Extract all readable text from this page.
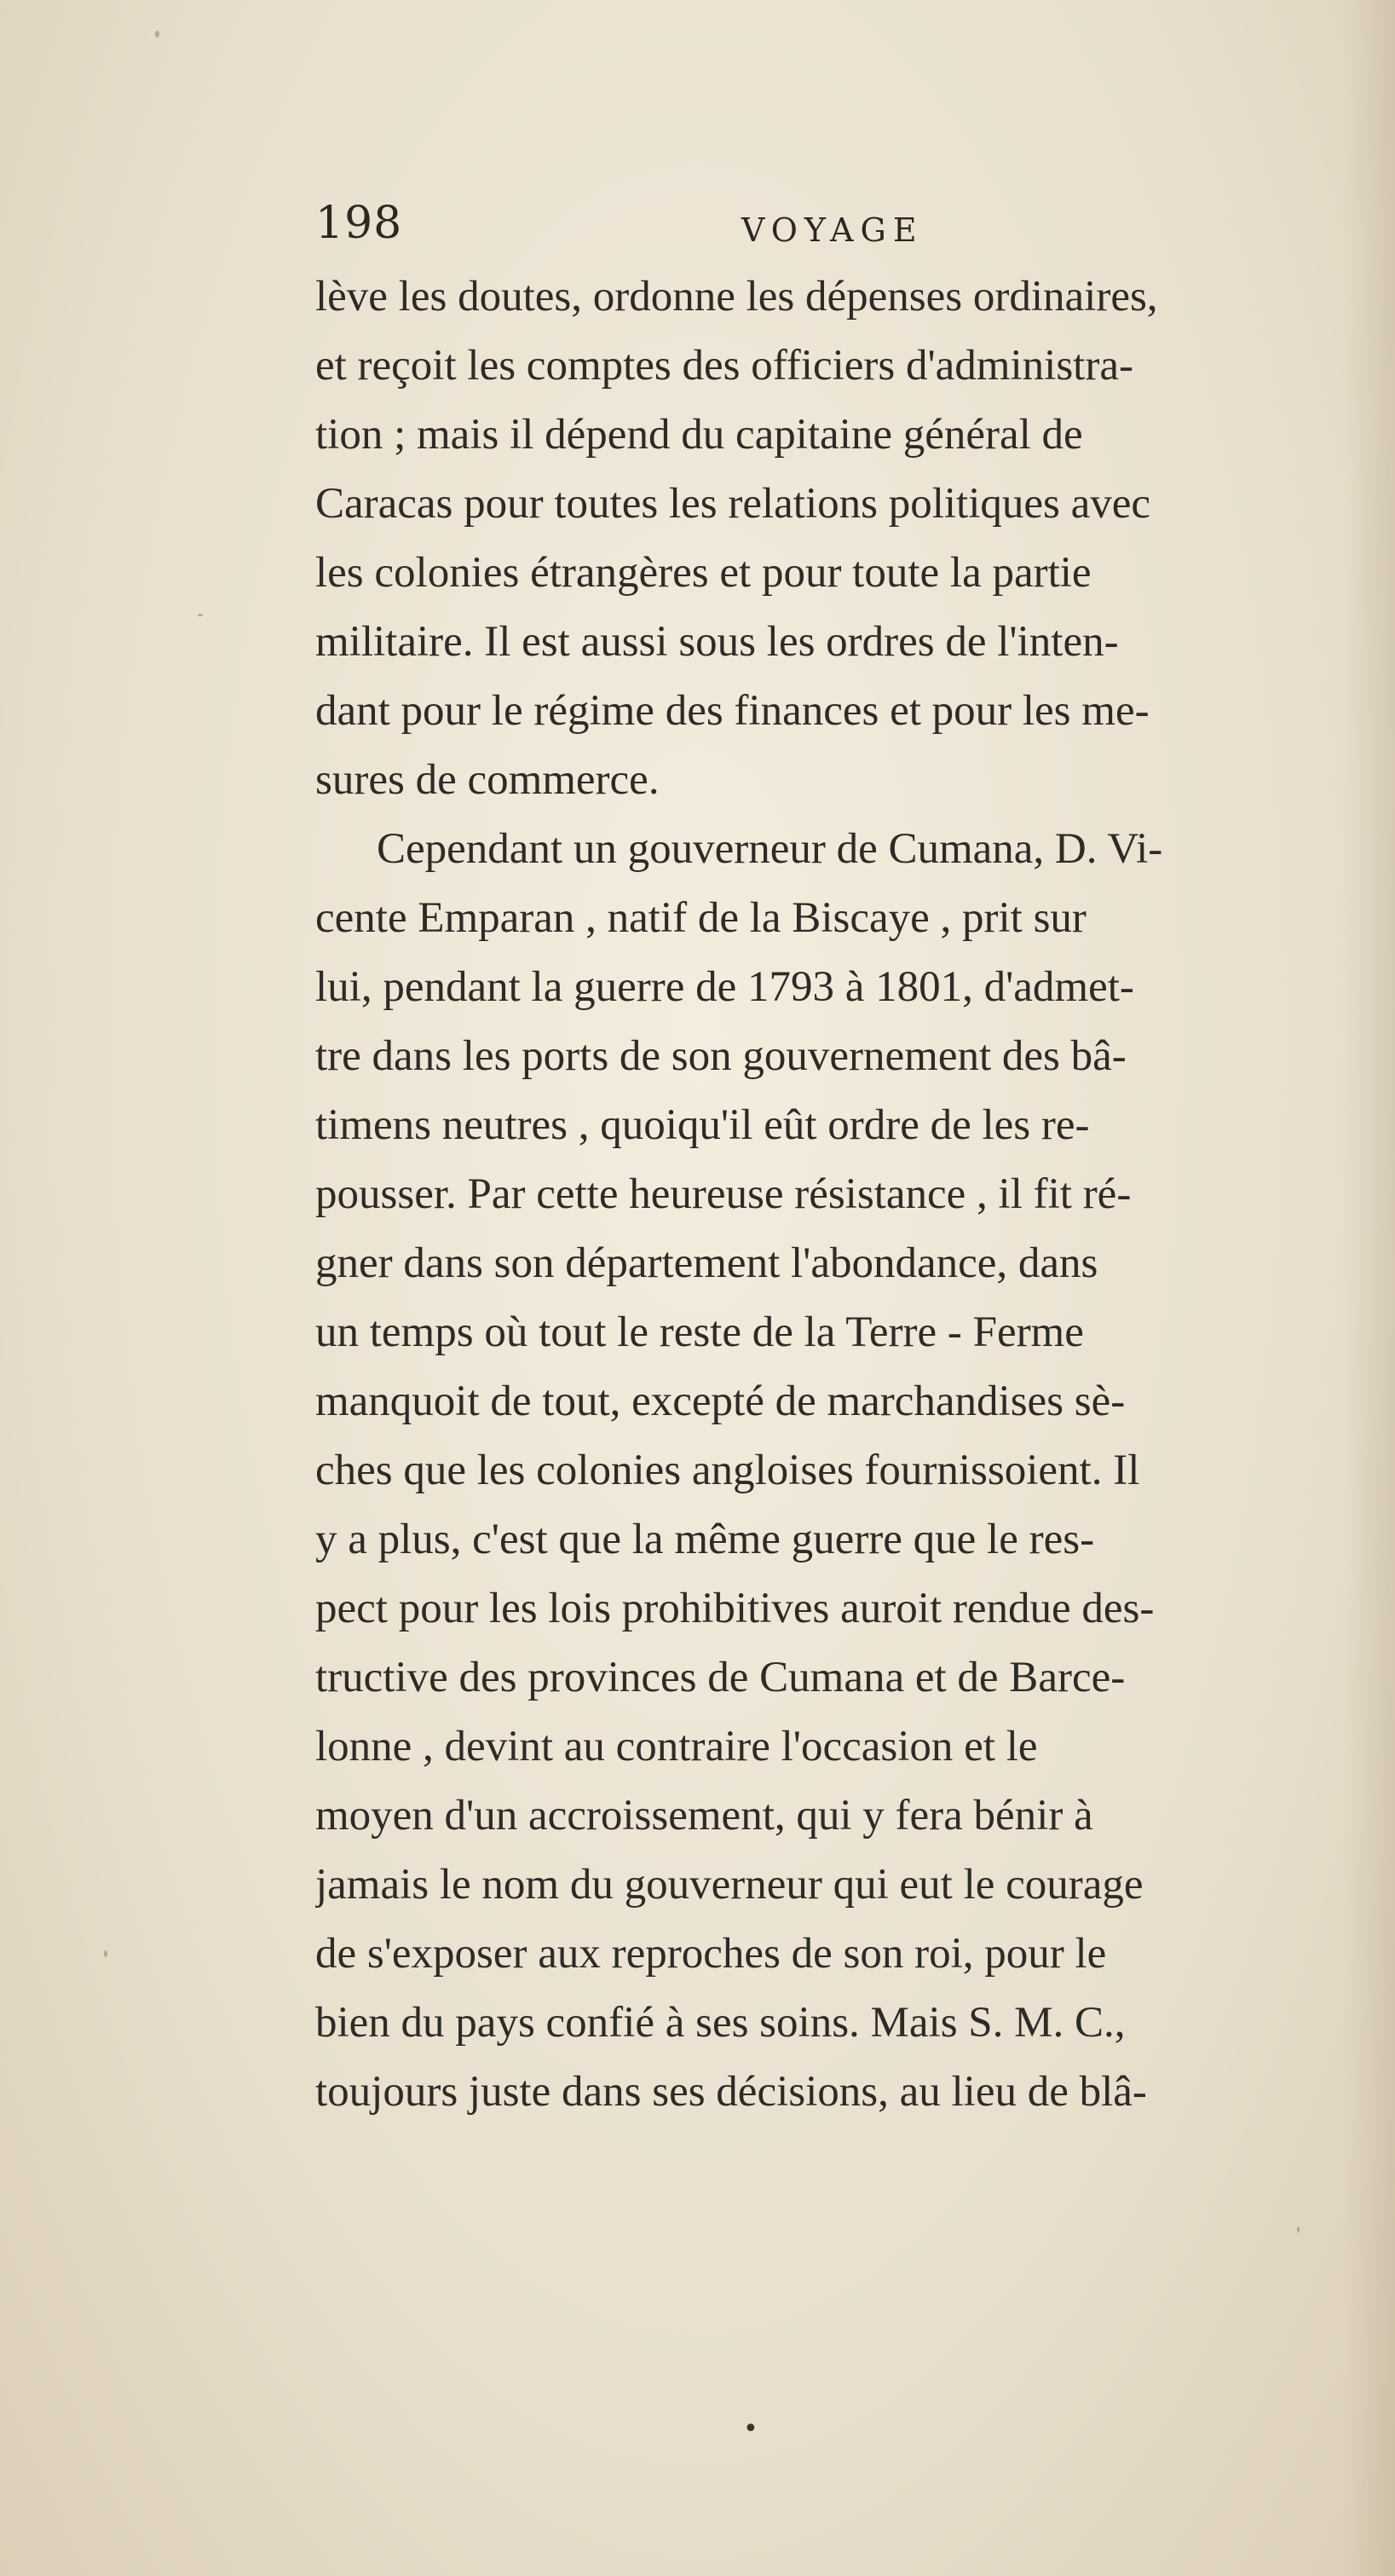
198	VOYAGE
lève les doutes, ordonne les dépenses ordinaires,
et reçoit les comptes des officiers d'administra-
tion ; mais il dépend du capitaine général de
Caracas pour toutes les relations politiques avec
les colonies étrangères et pour toute la partie
militaire. Il est aussi sous les ordres de l'inten-
dant pour le régime des finances et pour les me-
sures de commerce.
Cependant un gouverneur de Cumana, D. Vi-
cente Emparan , natif de la Biscaye , prit sur
lui, pendant la guerre de 1793 à 1801, d'admet-
tre dans les ports de son gouvernement des bâ-
timens neutres , quoiqu'il eût ordre de les re-
pousser. Par cette heureuse résistance , il fit ré-
gner dans son département l'abondance, dans
un temps où tout le reste de la Terre - Ferme
manquoit de tout, excepté de marchandises sè-
ches que les colonies angloises fournissoient. Il
y a plus, c'est que la même guerre que le res-
pect pour les lois prohibitives auroit rendue des-
tructive des provinces de Cumana et de Barce-
lonne , devint au contraire l'occasion et le
moyen d'un accroissement, qui y fera bénir à
jamais le nom du gouverneur qui eut le courage
de s'exposer aux reproches de son roi, pour le
bien du pays confié à ses soins. Mais S. M. C.,
toujours juste dans ses décisions, au lieu de blâ-
•
